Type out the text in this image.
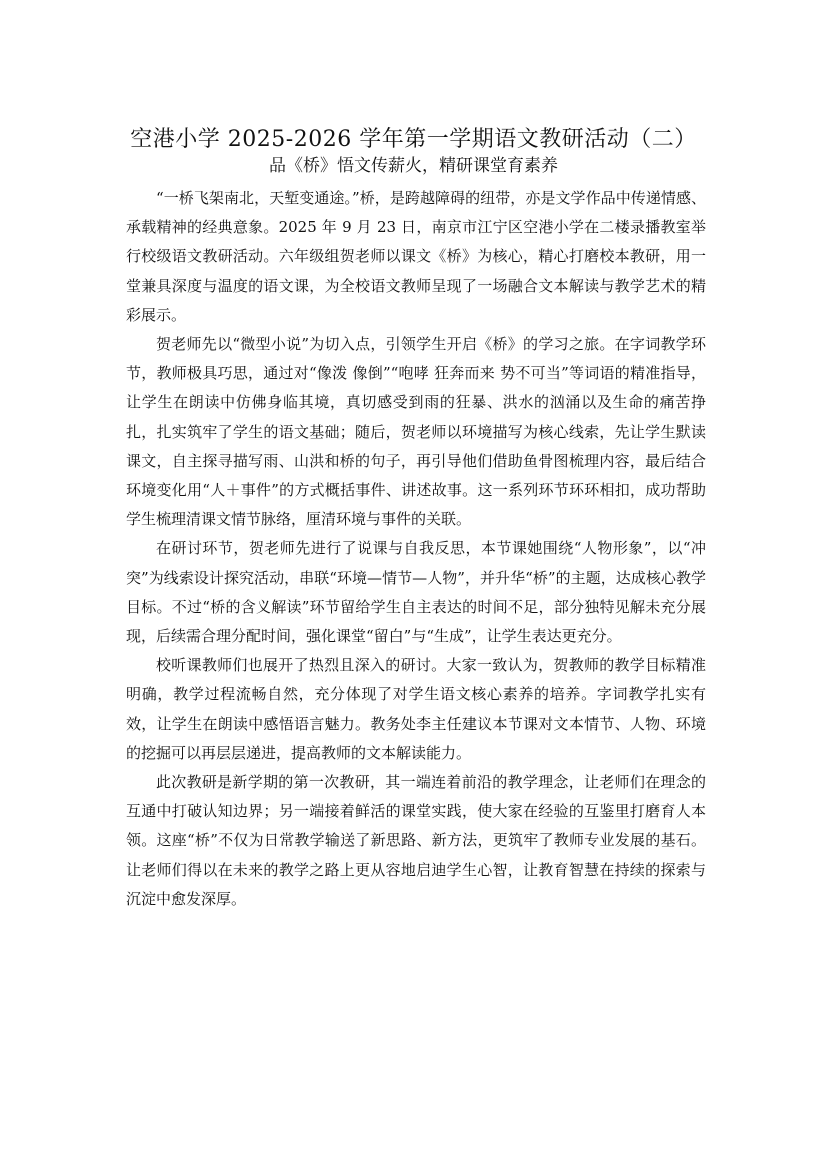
空港小学 2025-2026 学年第一学期语文教研活动（二）
品《桥》悟文传薪火，精研课堂育素养

“一桥飞架南北，天堑变通途。”桥，是跨越障碍的纽带，亦是文学作品中传递情感、承载精神的经典意象。2025 年 9 月 23 日，南京市江宁区空港小学在二楼录播教室举行校级语文教研活动。六年级组贺老师以课文《桥》为核心，精心打磨校本教研，用一堂兼具深度与温度的语文课，为全校语文教师呈现了一场融合文本解读与教学艺术的精彩展示。

贺老师先以“微型小说”为切入点，引领学生开启《桥》的学习之旅。在字词教学环节，教师极具巧思，通过对“像泼 像倒”“咆哮 狂奔而来 势不可当”等词语的精准指导，让学生在朗读中仿佛身临其境，真切感受到雨的狂暴、洪水的汹涌以及生命的痛苦挣扎，扎实筑牢了学生的语文基础；随后，贺老师以环境描写为核心线索，先让学生默读课文，自主探寻描写雨、山洪和桥的句子，再引导他们借助鱼骨图梳理内容，最后结合环境变化用“人＋事件”的方式概括事件、讲述故事。这一系列环节环环相扣，成功帮助学生梳理清课文情节脉络，厘清环境与事件的关联。

在研讨环节，贺老师先进行了说课与自我反思，本节课她围绕“人物形象”，以“冲突”为线索设计探究活动，串联“环境—情节—人物”，并升华“桥”的主题，达成核心教学目标。不过“桥的含义解读”环节留给学生自主表达的时间不足，部分独特见解未充分展现，后续需合理分配时间，强化课堂“留白”与“生成”，让学生表达更充分。

校听课教师们也展开了热烈且深入的研讨。大家一致认为，贺教师的教学目标精准明确，教学过程流畅自然，充分体现了对学生语文核心素养的培养。字词教学扎实有效，让学生在朗读中感悟语言魅力。教务处李主任建议本节课对文本情节、人物、环境的挖掘可以再层层递进，提高教师的文本解读能力。

此次教研是新学期的第一次教研，其一端连着前沿的教学理念，让老师们在理念的互通中打破认知边界；另一端接着鲜活的课堂实践，使大家在经验的互鉴里打磨育人本领。这座“桥”不仅为日常教学输送了新思路、新方法，更筑牢了教师专业发展的基石。让老师们得以在未来的教学之路上更从容地启迪学生心智，让教育智慧在持续的探索与沉淀中愈发深厚。
